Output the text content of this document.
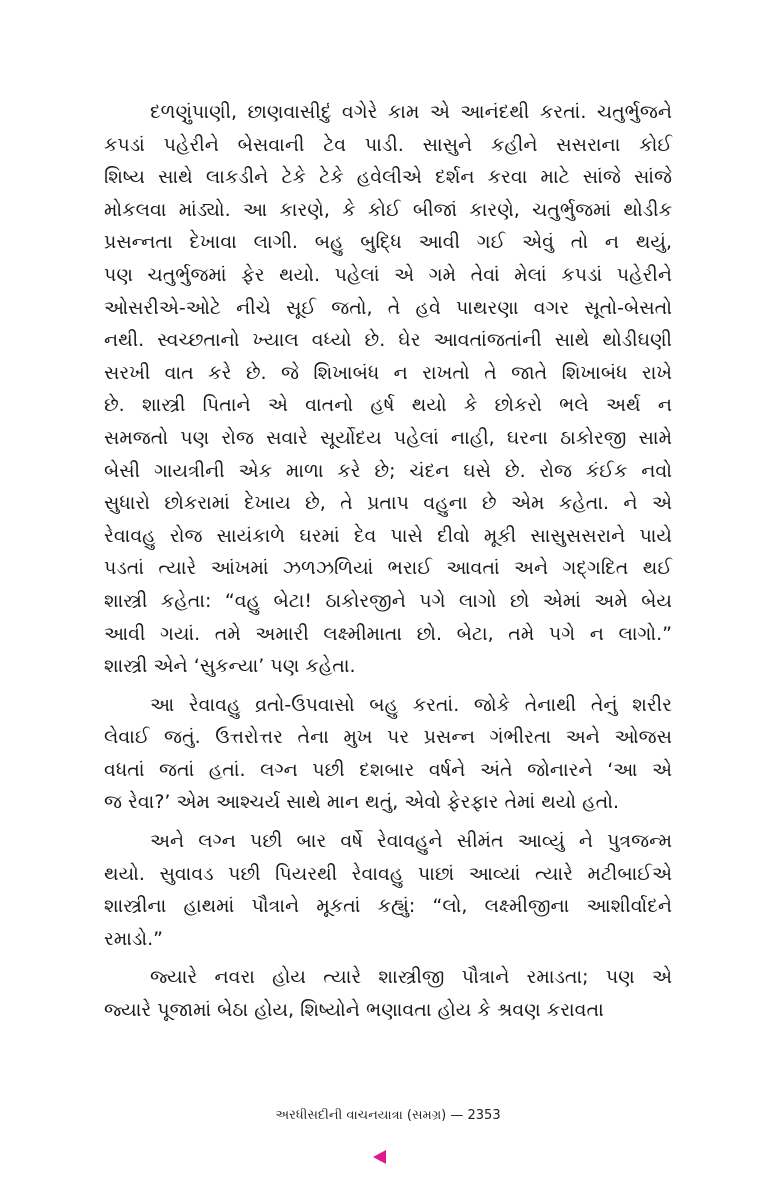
દળણુંપાણી, છાણવાસીદું વગેરે કામ એ આનંદથી કરતાં. ચતુર્ભુજને
કપડાં પહેરીને બેસવાની ટેવ પાડી. સાસુને કહીને સસરાના કોઈ
શિષ્ય સાથે લાકડીને ટેકે ટેકે હવેલીએ દર્શન કરવા માટે સાંજે સાંજે
મોકલવા માંડ્યો. આ કારણે, કે કોઈ બીજાં કારણે, ચતુર્ભુજમાં થોડીક
પ્રસન્નતા દેખાવા લાગી. બહુ બુદ્ધિ આવી ગઈ એવું તો ન થયું,
પણ ચતુર્ભુજમાં ફેર થયો. પહેલાં એ ગમે તેવાં મેલાં કપડાં પહેરીને
ઓસરીએ-ઓટે નીચે સૂઈ જતો, તે હવે પાથરણા વગર સૂતો-બેસતો
નથી. સ્વચ્છતાનો ખ્યાલ વધ્યો છે. ઘેર આવતાંજતાંની સાથે થોડીઘણી
સરખી વાત કરે છે. જે શિખાબંધ ન રાખતો તે જાતે શિખાબંધ રાખે
છે. શાસ્ત્રી પિતાને એ વાતનો હર્ષ થયો કે છોકરો ભલે અર્થ ન
સમજતો પણ રોજ સવારે સૂર્યોદય પહેલાં નાહી, ઘરના ઠાકોરજી સામે
બેસી ગાયત્રીની એક માળા કરે છે; ચંદન ઘસે છે. રોજ કંઈક નવો
સુધારો છોકરામાં દેખાય છે, તે પ્રતાપ વહુના છે એમ કહેતા. ને એ
રેવાવહુ રોજ સાયંકાળે ઘરમાં દેવ પાસે દીવો મૂકી સાસુસસરાને પાયે
પડતાં ત્યારે આંખમાં ઝળઝળિયાં ભરાઈ આવતાં અને ગદ્ગદિત થઈ
શાસ્ત્રી કહેતા: “વહુ બેટા! ઠાકોરજીને પગે લાગો છો એમાં અમે બેય
આવી ગયાં. તમે અમારી લક્ષ્મીમાતા છો. બેટા, તમે પગે ન લાગો.”
શાસ્ત્રી એને ‘સુકન્યા’ પણ કહેતા.

આ રેવાવહુ વ્રતો-ઉપવાસો બહુ કરતાં. જોકે તેનાથી તેનું શરીર
લેવાઈ જતું. ઉત્તરોત્તર તેના મુખ પર પ્રસન્ન ગંભીરતા અને ઓજસ
વધતાં જતાં હતાં. લગ્ન પછી દશબાર વર્ષને અંતે જોનારને ‘આ એ
જ રેવા?’ એમ આશ્ચર્ય સાથે માન થતું, એવો ફેરફાર તેમાં થયો હતો.

અને લગ્ન પછી બાર વર્ષે રેવાવહુને સીમંત આવ્યું ને પુત્રજન્મ
થયો. સુવાવડ પછી પિયરથી રેવાવહુ પાછાં આવ્યાં ત્યારે મટીબાઈએ
શાસ્ત્રીના હાથમાં પૌત્રાને મૂકતાં કહ્યું: “લો, લક્ષ્મીજીના આશીર્વાદને
રમાડો.”

જ્યારે નવરા હોય ત્યારે શાસ્ત્રીજી પૌત્રાને રમાડતા; પણ એ
જ્યારે પૂજામાં બેઠા હોય, શિષ્યોને ભણાવતા હોય કે શ્રવણ કરાવતા

અરધીસદીની વાચનયાત્રા (સમગ્ર) — 2353
